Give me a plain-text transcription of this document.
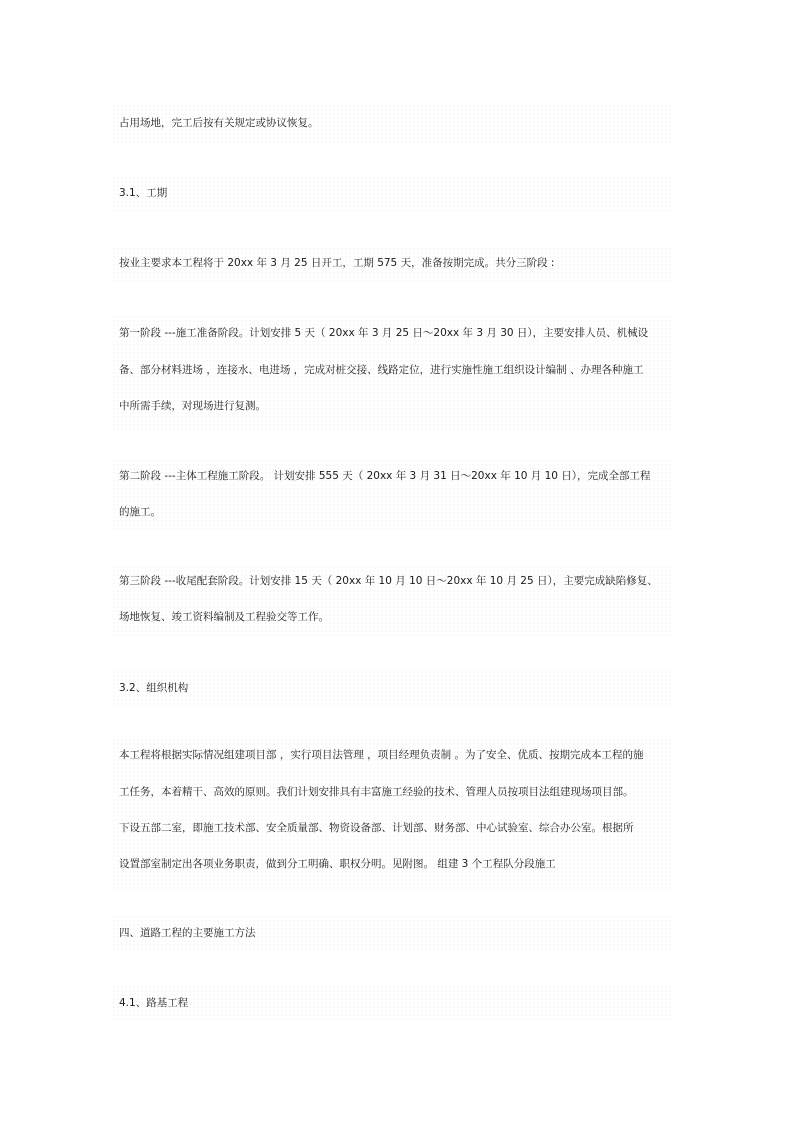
占用场地，完工后按有关规定或协议恢复。
3.1、工期
按业主要求本工程将于 20xx 年 3 月 25 日开工，工期 575 天，准备按期完成。共分三阶段 :
第一阶段 ---施工准备阶段。计划安排 5 天（ 20xx 年 3 月 25 日～20xx 年 3 月 30 日），主要安排人员、机械设
备、部分材料进场 ，连接水、电进场 ，完成对桩交接、线路定位，进行实施性施工组织设计编制 、办理各种施工
中所需手续，对现场进行复测。
第二阶段 ---主体工程施工阶段。 计划安排 555 天（ 20xx 年 3 月 31 日～20xx 年 10 月 10 日），完成全部工程
的施工。
第三阶段 ---收尾配套阶段。计划安排 15 天（ 20xx 年 10 月 10 日～20xx 年 10 月 25 日），主要完成缺陷修复、
场地恢复、竣工资料编制及工程验交等工作。
3.2、组织机构
本工程将根据实际情况组建项目部 ，实行项目法管理 ，项目经理负责制 。为了安全、优质、按期完成本工程的施
工任务，本着精干、高效的原则。我们计划安排具有丰富施工经验的技术、管理人员按项目法组建现场项目部。
下设五部二室，即施工技术部、安全质量部、物资设备部、计划部、财务部、中心试验室、综合办公室。根据所
设置部室制定出各项业务职责，做到分工明确、职权分明。见附图。 组建 3 个工程队分段施工
四、道路工程的主要施工方法
4.1、路基工程
